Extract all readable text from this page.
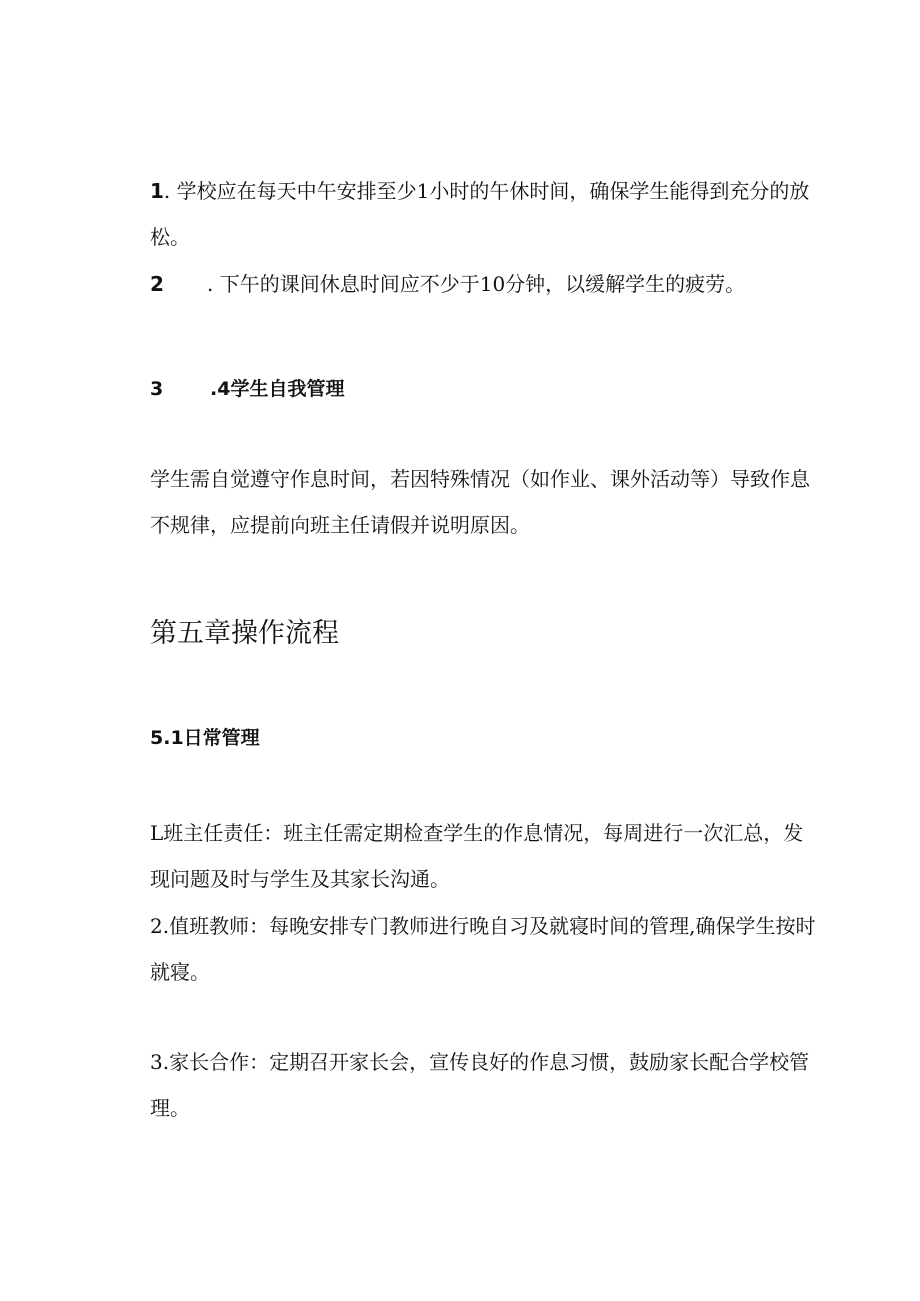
1. 学校应在每天中午安排至少1小时的午休时间，确保学生能得到充分的放松。
2 . 下午的课间休息时间应不少于10分钟，以缓解学生的疲劳。
3 .4学生自我管理
学生需自觉遵守作息时间，若因特殊情况（如作业、课外活动等）导致作息不规律，应提前向班主任请假并说明原因。
第五章操作流程
5.1日常管理
L班主任责任：班主任需定期检查学生的作息情况，每周进行一次汇总，发现问题及时与学生及其家长沟通。
2.值班教师：每晚安排专门教师进行晚自习及就寝时间的管理,确保学生按时就寝。
3.家长合作：定期召开家长会，宣传良好的作息习惯，鼓励家长配合学校管理。
